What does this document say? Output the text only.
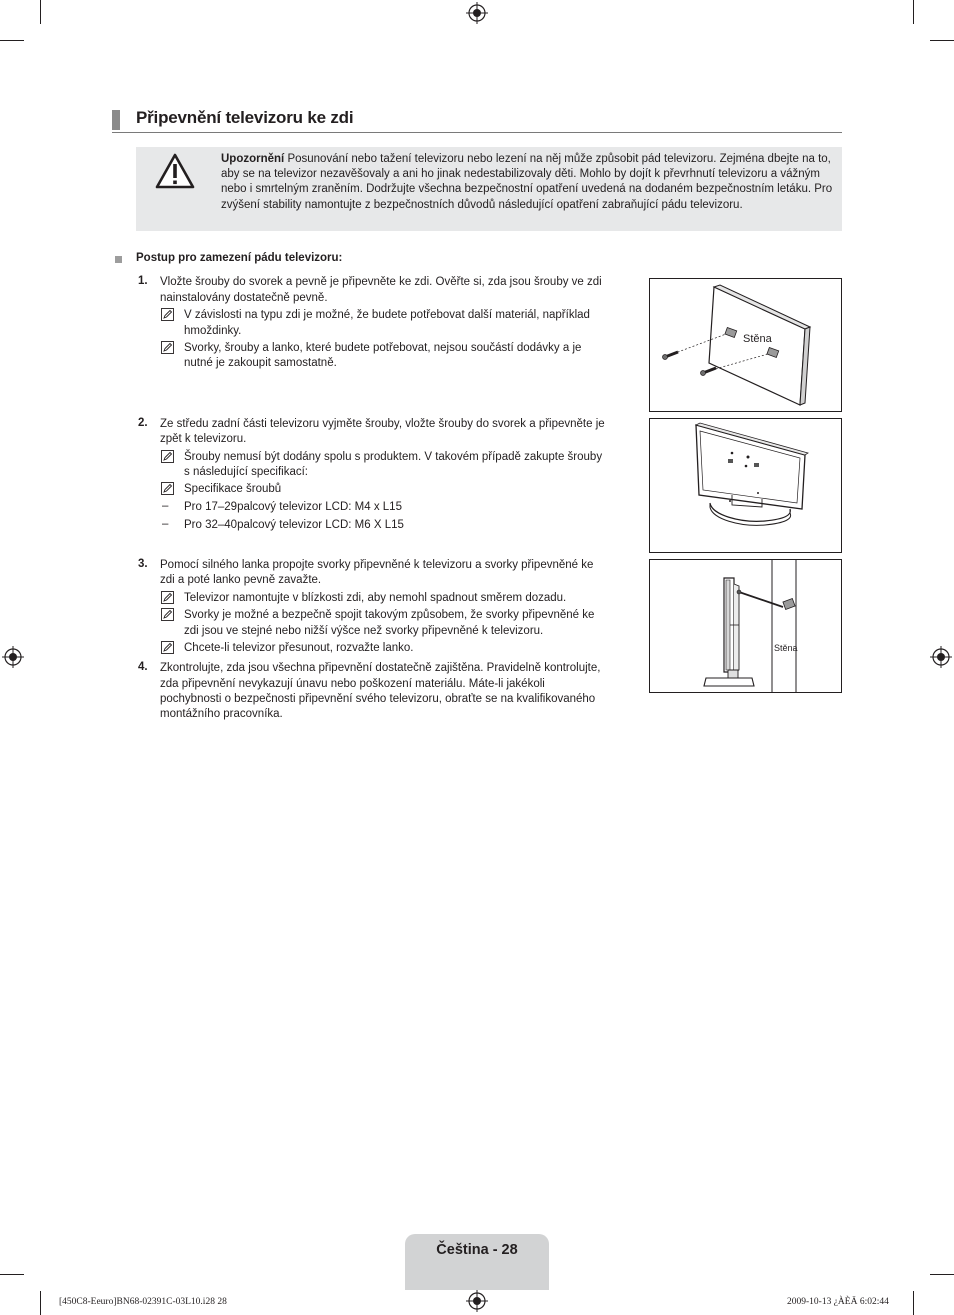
Připevnění televizoru ke zdi
Upozornění Posunování nebo tažení televizoru nebo lezení na něj může způsobit pád televizoru. Zejména dbejte na to, aby se na televizor nezavěšovaly a ani ho jinak nedestabilizovaly děti. Mohlo by dojít k převrhnutí televizoru a vážným nebo i smrtelným zraněním. Dodržujte všechna bezpečnostní opatření uvedená na dodaném bezpečnostním letáku. Pro zvýšení stability namontujte z bezpečnostních důvodů následující opatření zabraňující pádu televizoru.
Postup pro zamezení pádu televizoru:
1. Vložte šrouby do svorek a pevně je připevněte ke zdi. Ověřte si, zda jsou šrouby ve zdi
nainstalovány dostatečně pevně.
V závislosti na typu zdi je možné, že budete potřebovat další materiál, například
hmoždinky.
Svorky, šrouby a lanko, které budete potřebovat, nejsou součástí dodávky a je
nutné je zakoupit samostatně.
2. Ze středu zadní části televizoru vyjměte šrouby, vložte šrouby do svorek a připevněte je
zpět k televizoru.
Šrouby nemusí být dodány spolu s produktem. V takovém případě zakupte šrouby
s následující specifikací:
Specifikace šroubů
– Pro 17–29palcový televizor LCD: M4 x L15
– Pro 32–40palcový televizor LCD: M6 X L15
3. Pomocí silného lanka propojte svorky připevněné k televizoru a svorky připevněné ke
zdi a poté lanko pevně zavažte.
Televizor namontujte v blízkosti zdi, aby nemohl spadnout směrem dozadu.
Svorky je možné a bezpečně spojit takovým způsobem, že svorky připevněné ke
zdi jsou ve stejné nebo nižší výšce než svorky připevněné k televizoru.
Chcete-li televizor přesunout, rozvažte lanko.
4. Zkontrolujte, zda jsou všechna připevnění dostatečně zajištěna. Pravidelně kontrolujte,
zda připevnění nevykazují únavu nebo poškození materiálu. Máte-li jakékoli
pochybnosti o bezpečnosti připevnění svého televizoru, obraťte se na kvalifikovaného
montážního pracovníka.
Stěna
Stěna
Čeština - 28
[450C8-Eeuro]BN68-02391C-03L10.i28 28	2009-10-13 ¿ÀÈÄ 6:02:44
